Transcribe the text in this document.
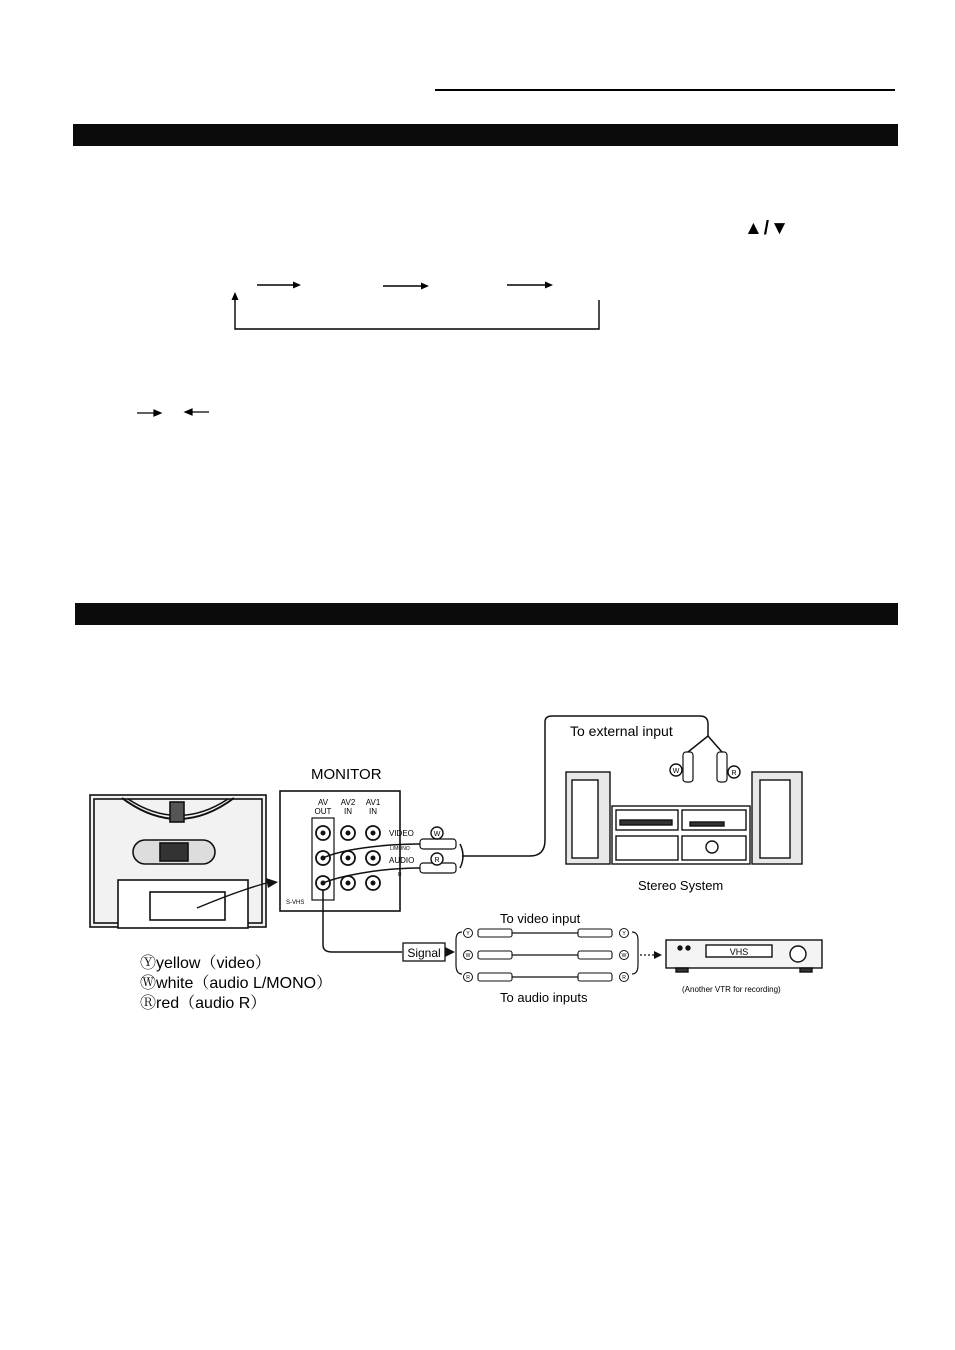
▲/▼
MONITOR
AV
OUT
AV2
IN
AV1
IN
S-VHS
VIDEO
L/MONO
AUDIO
R
W
R
W	R
To external input
Stereo System
Signal
Y
W
R
Y
W
R
To video input
To audio inputs
VHS
(Another VTR for recording)
Ⓨyellow（video）
Ⓦwhite（audio L/MONO）
Ⓡred（audio R）
